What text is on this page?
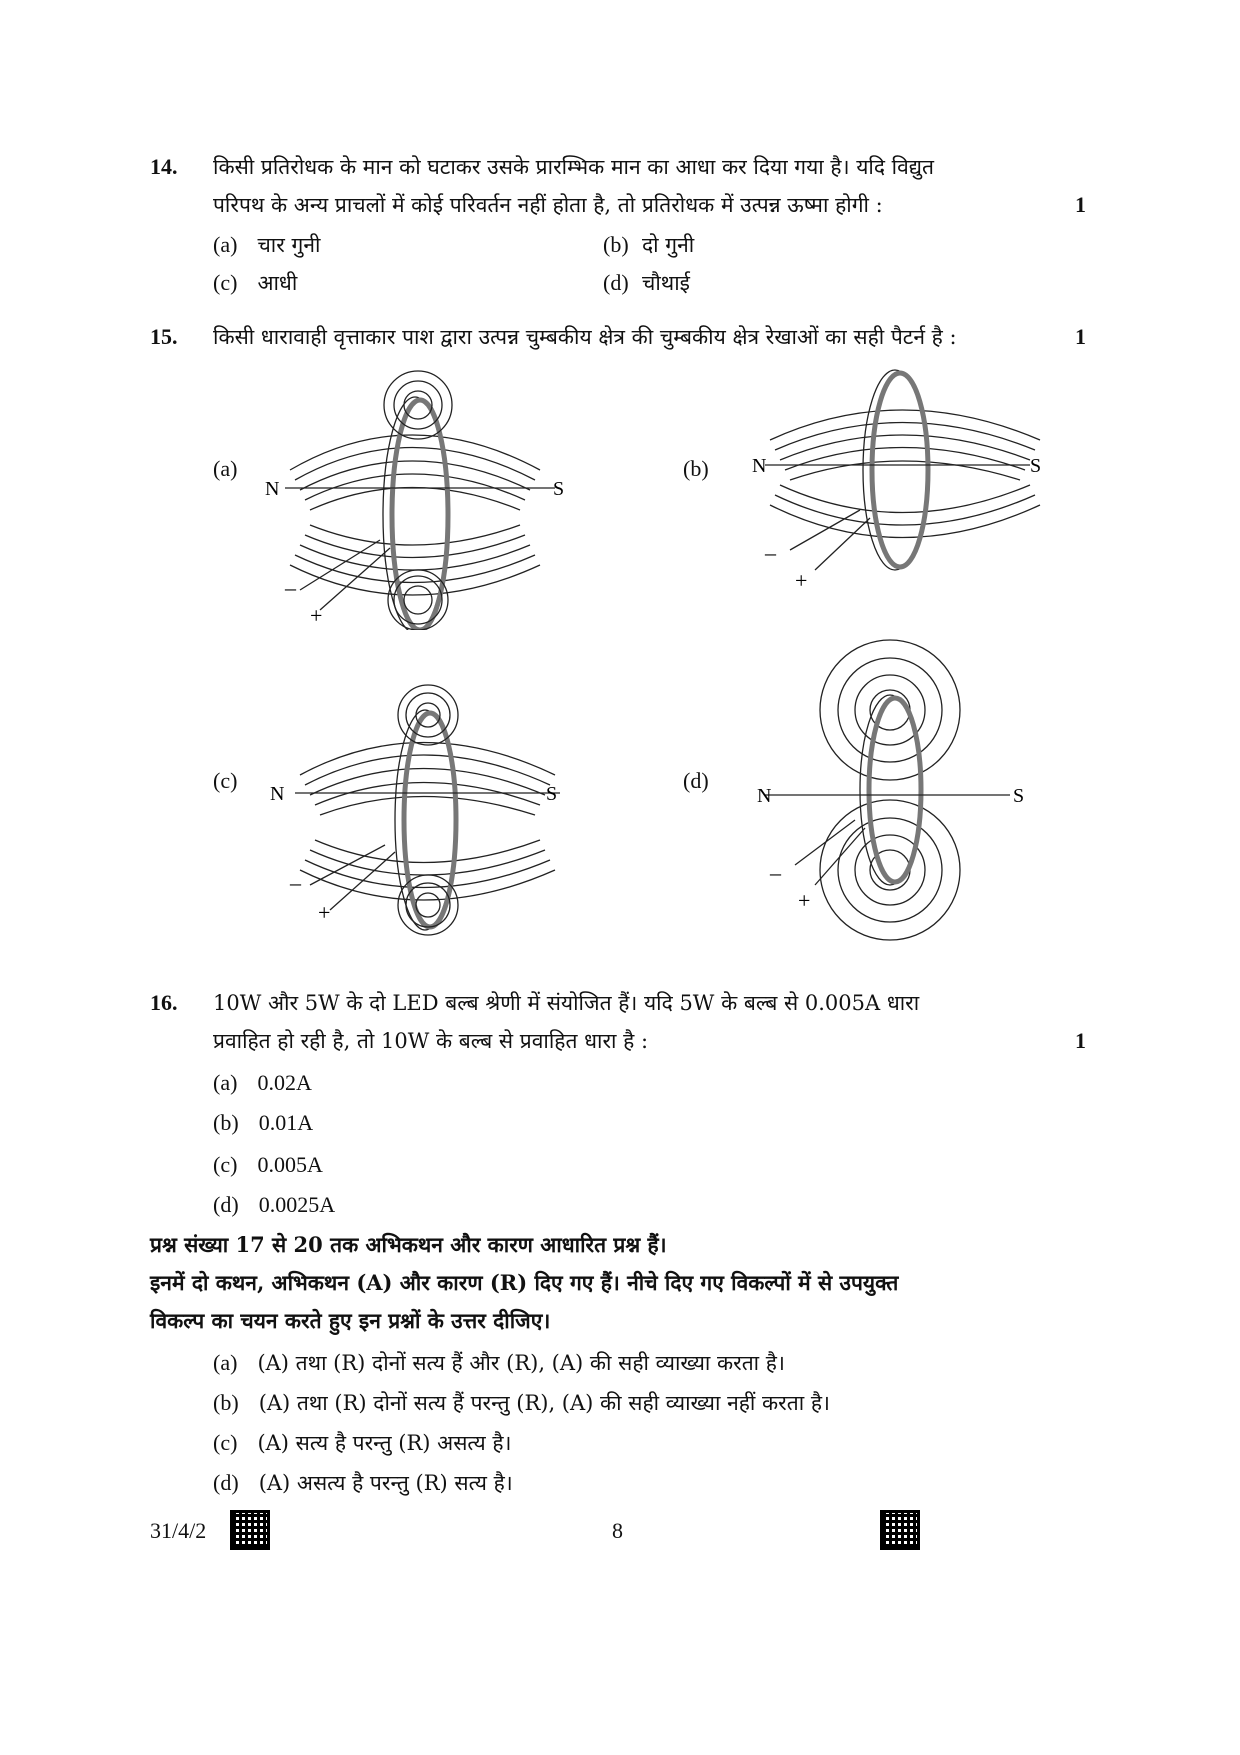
14. किसी प्रतिरोधक के मान को घटाकर उसके प्रारम्भिक मान का आधा कर दिया गया है। यदि विद्युत
परिपथ के अन्य प्राचलों में कोई परिवर्तन नहीं होता है, तो प्रतिरोधक में उत्पन्न ऊष्मा होगी :	1
(a) चार गुनी	(b) दो गुनी
(c) आधी	(d) चौथाई
15. किसी धारावाही वृत्ताकार पाश द्वारा उत्पन्न चुम्बकीय क्षेत्र की चुम्बकीय क्षेत्र रेखाओं का सही पैटर्न है :	1
(a)
N	S
–
+
(b) N	S
–
+
(c)
N	S
–
+
(d)
N	S
–
+
16. 10W और 5W के दो LED बल्ब श्रेणी में संयोजित हैं। यदि 5W के बल्ब से 0.005A धारा
प्रवाहित हो रही है, तो 10W के बल्ब से प्रवाहित धारा है :	1
(a) 0.02A
(b) 0.01A
(c) 0.005A
(d) 0.0025A
प्रश्न संख्या 17 से 20 तक अभिकथन और कारण आधारित प्रश्न हैं।
इनमें दो कथन, अभिकथन (A) और कारण (R) दिए गए हैं। नीचे दिए गए विकल्पों में से उपयुक्त
विकल्प का चयन करते हुए इन प्रश्नों के उत्तर दीजिए।
(a) (A) तथा (R) दोनों सत्य हैं और (R), (A) की सही व्याख्या करता है।
(b) (A) तथा (R) दोनों सत्य हैं परन्तु (R), (A) की सही व्याख्या नहीं करता है।
(c) (A) सत्य है परन्तु (R) असत्य है।
(d) (A) असत्य है परन्तु (R) सत्य है।
31/4/2	8
